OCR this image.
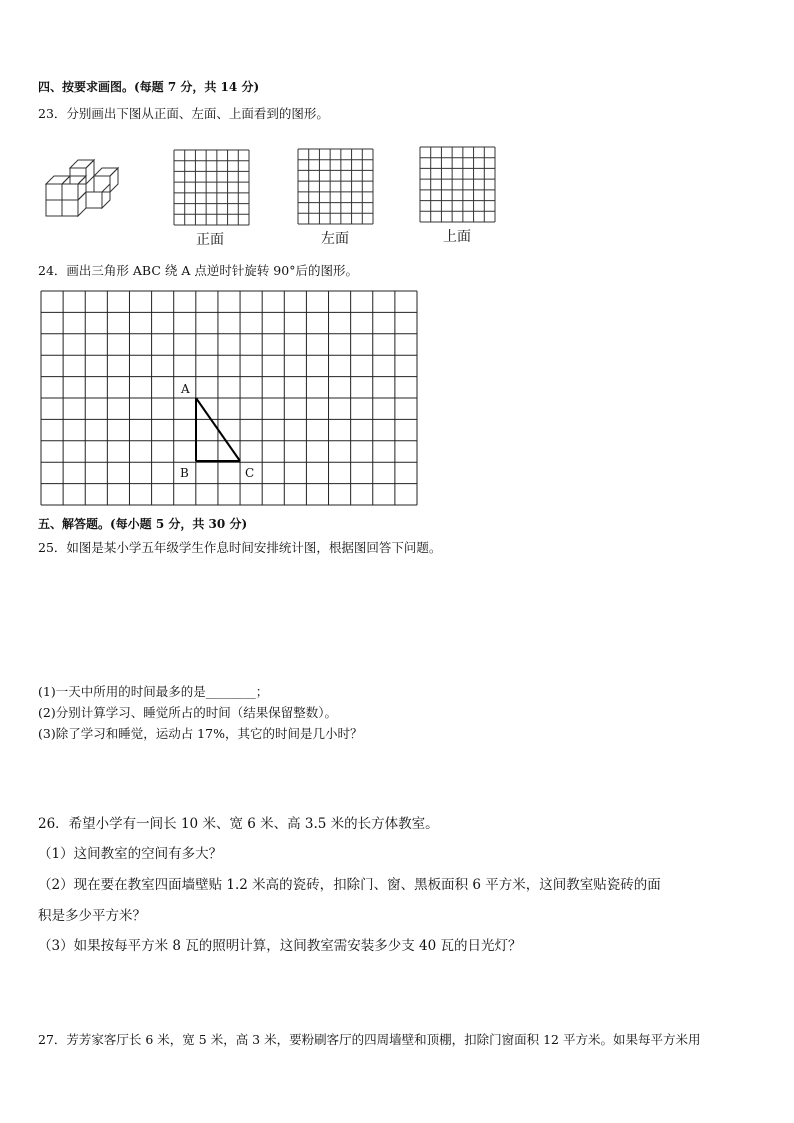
四、按要求画图。(每题 7 分，共 14 分)
23．分别画出下图从正面、左面、上面看到的图形。
正面	左面	上面
24．画出三角形 ABC 绕 A 点逆时针旋转 90°后的图形。
A
B	C
五、解答题。(每小题 5 分，共 30 分)
25．如图是某小学五年级学生作息时间安排统计图，根据图回答下问题。
(1)一天中所用的时间最多的是________；
(2)分别计算学习、睡觉所占的时间（结果保留整数）。
(3)除了学习和睡觉，运动占 17%，其它的时间是几小时？
26．希望小学有一间长 10 米、宽 6 米、高 3.5 米的长方体教室。
（1）这间教室的空间有多大？
（2）现在要在教室四面墙壁贴 1.2 米高的瓷砖，扣除门、窗、黑板面积 6 平方米，这间教室贴瓷砖的面
积是多少平方米？
（3）如果按每平方米 8 瓦的照明计算，这间教室需安装多少支 40 瓦的日光灯？
27．芳芳家客厅长 6 米，宽 5 米，高 3 米，要粉刷客厅的四周墙壁和顶棚，扣除门窗面积 12 平方米。如果每平方米用
